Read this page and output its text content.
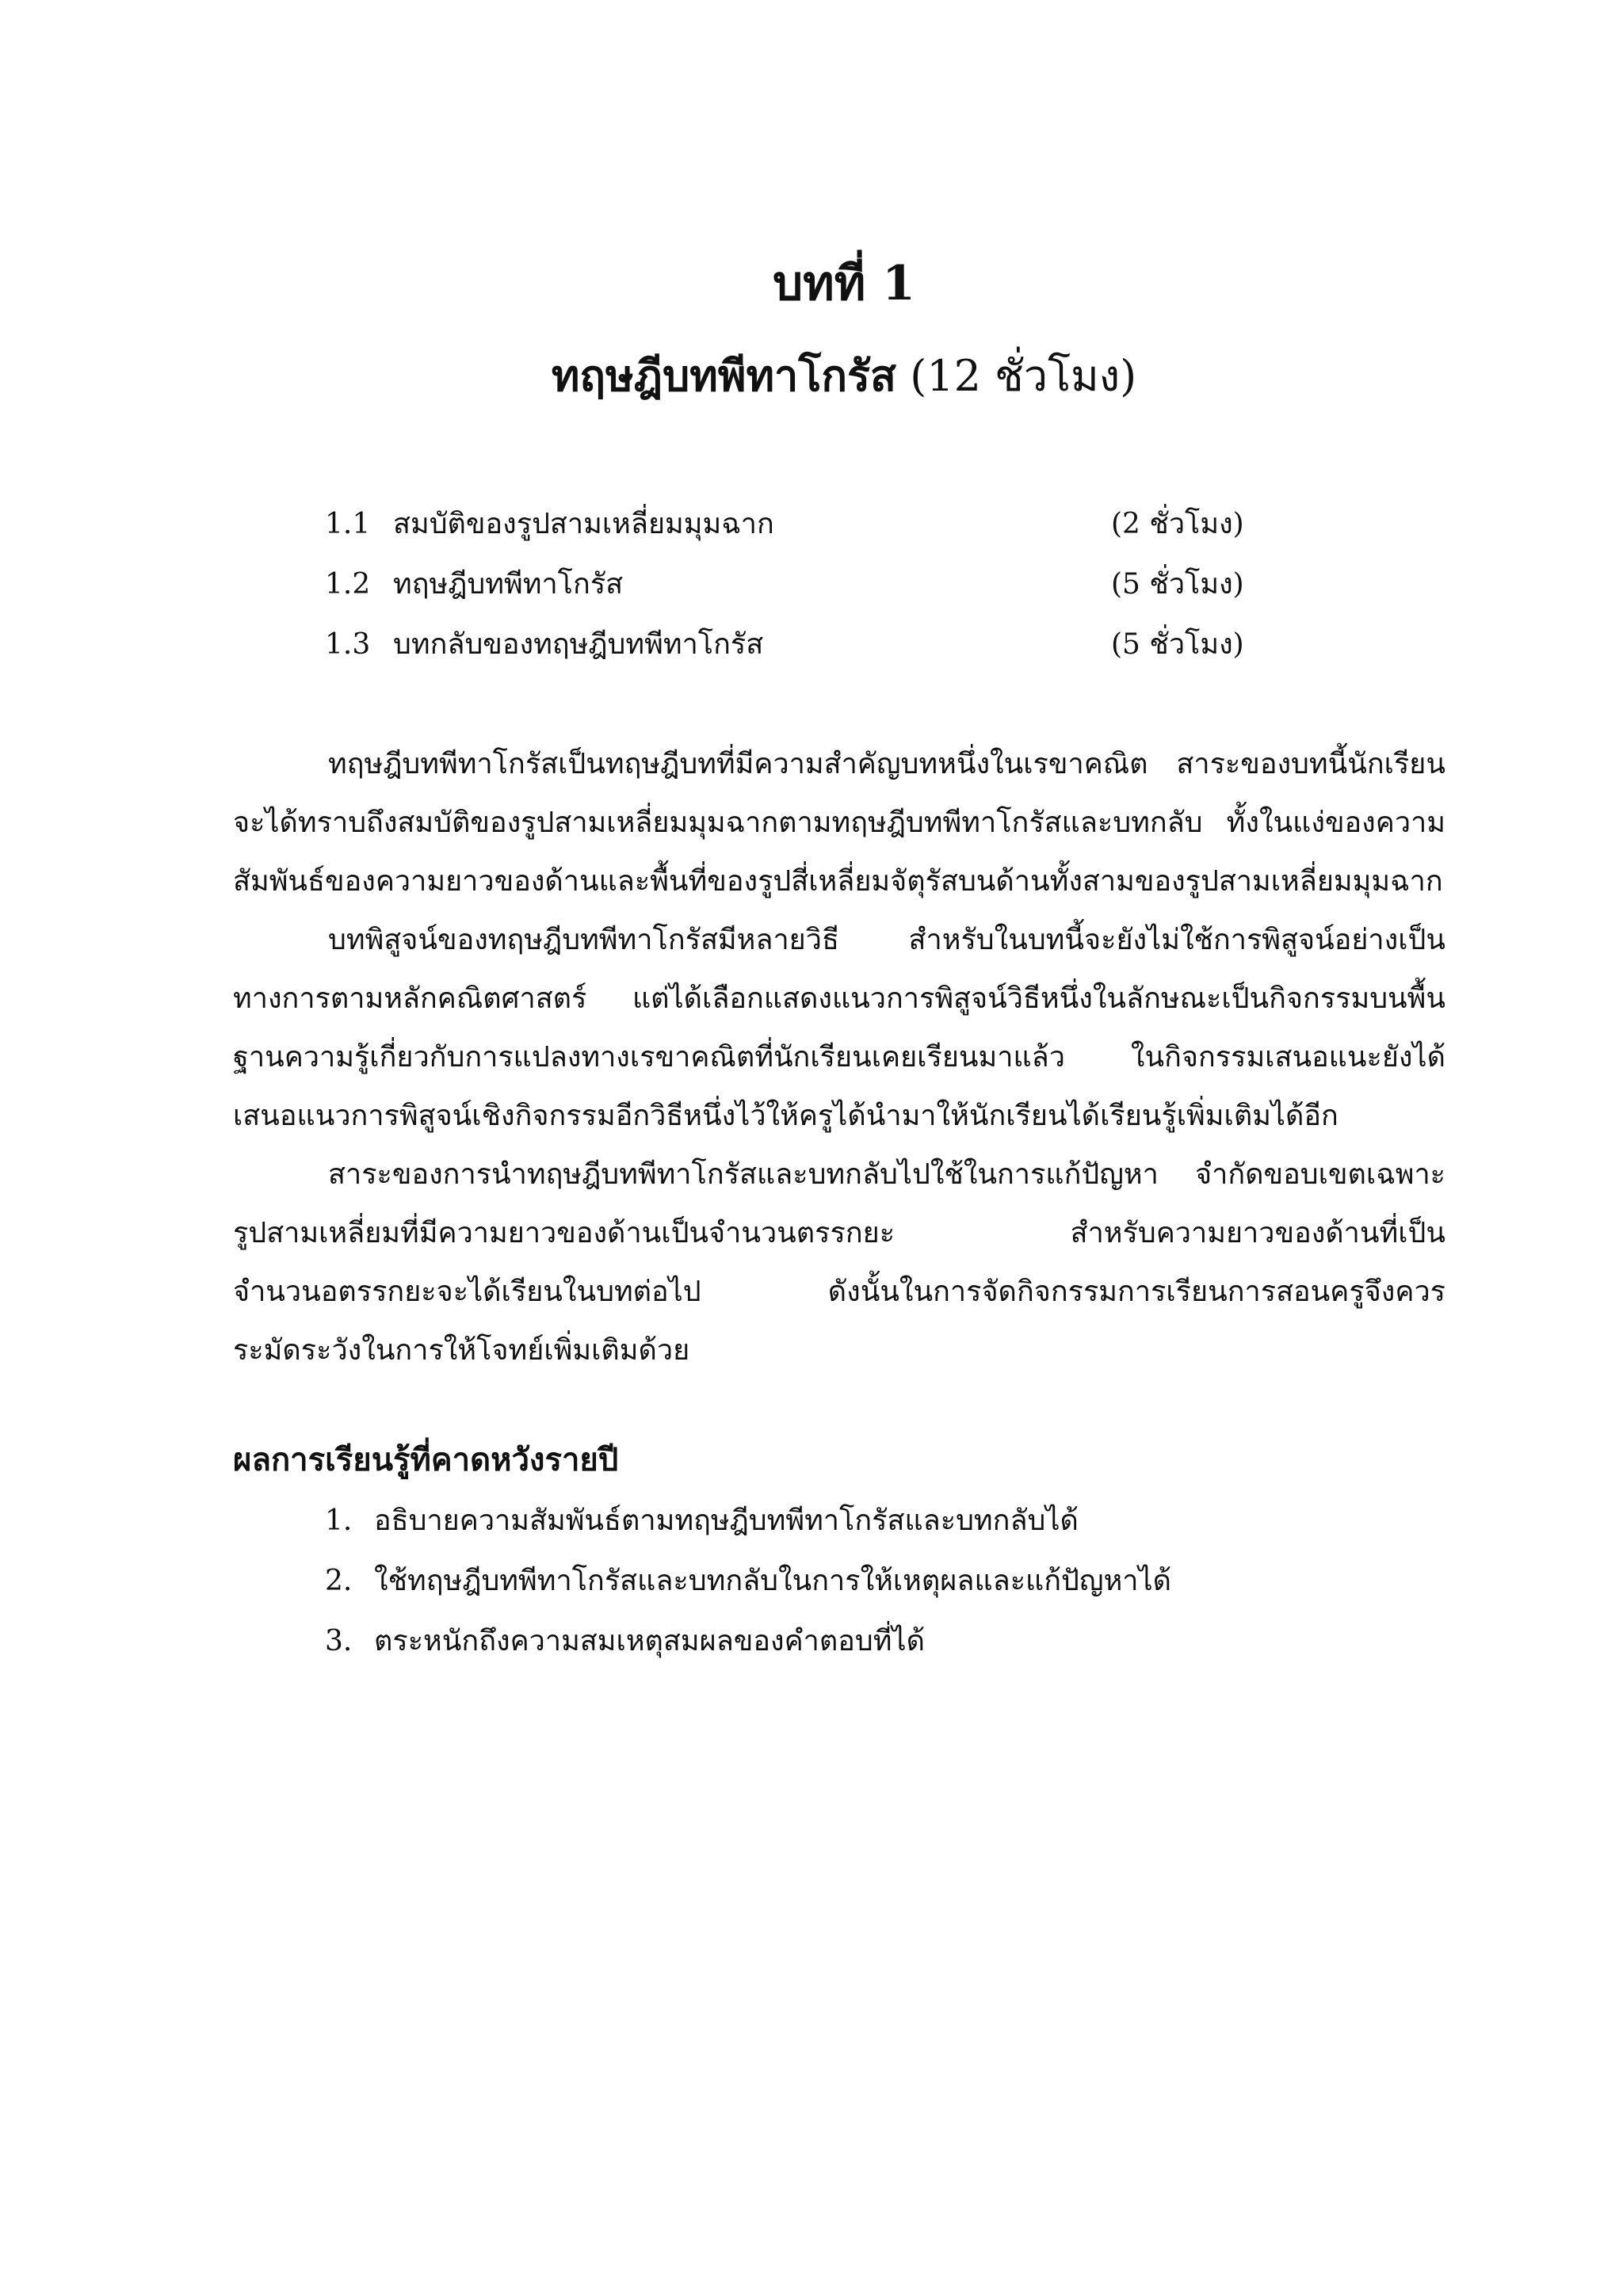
บทที่ 1
ทฤษฎีบทพีทาโกรัส (12 ชั่วโมง)
1.1 สมบัติของรูปสามเหลี่ยมมุมฉาก	(2 ชั่วโมง)
1.2 ทฤษฎีบทพีทาโกรัส	(5 ชั่วโมง)
1.3 บทกลับของทฤษฎีบทพีทาโกรัส	(5 ชั่วโมง)

ทฤษฎีบทพีทาโกรัสเป็นทฤษฎีบทที่มีความสำคัญบทหนึ่งในเรขาคณิต สาระของบทนี้นักเรียนจะได้ทราบถึงสมบัติของรูปสามเหลี่ยมมุมฉากตามทฤษฎีบทพีทาโกรัสและบทกลับ ทั้งในแง่ของความสัมพันธ์ของความยาวของด้านและพื้นที่ของรูปสี่เหลี่ยมจัตุรัสบนด้านทั้งสามของรูปสามเหลี่ยมมุมฉาก

บทพิสูจน์ของทฤษฎีบทพีทาโกรัสมีหลายวิธี สำหรับในบทนี้จะยังไม่ใช้การพิสูจน์อย่างเป็นทางการตามหลักคณิตศาสตร์ แต่ได้เลือกแสดงแนวการพิสูจน์วิธีหนึ่งในลักษณะเป็นกิจกรรมบนพื้นฐานความรู้เกี่ยวกับการแปลงทางเรขาคณิตที่นักเรียนเคยเรียนมาแล้ว ในกิจกรรมเสนอแนะยังได้เสนอแนวการพิสูจน์เชิงกิจกรรมอีกวิธีหนึ่งไว้ให้ครูได้นำมาให้นักเรียนได้เรียนรู้เพิ่มเติมได้อีก

สาระของการนำทฤษฎีบทพีทาโกรัสและบทกลับไปใช้ในการแก้ปัญหา จำกัดขอบเขตเฉพาะรูปสามเหลี่ยมที่มีความยาวของด้านเป็นจำนวนตรรกยะ สำหรับความยาวของด้านที่เป็นจำนวนอตรรกยะจะได้เรียนในบทต่อไป ดังนั้นในการจัดกิจกรรมการเรียนการสอนครูจึงควรระมัดระวังในการให้โจทย์เพิ่มเติมด้วย

ผลการเรียนรู้ที่คาดหวังรายปี
1. อธิบายความสัมพันธ์ตามทฤษฎีบทพีทาโกรัสและบทกลับได้
2. ใช้ทฤษฎีบทพีทาโกรัสและบทกลับในการให้เหตุผลและแก้ปัญหาได้
3. ตระหนักถึงความสมเหตุสมผลของคำตอบที่ได้
